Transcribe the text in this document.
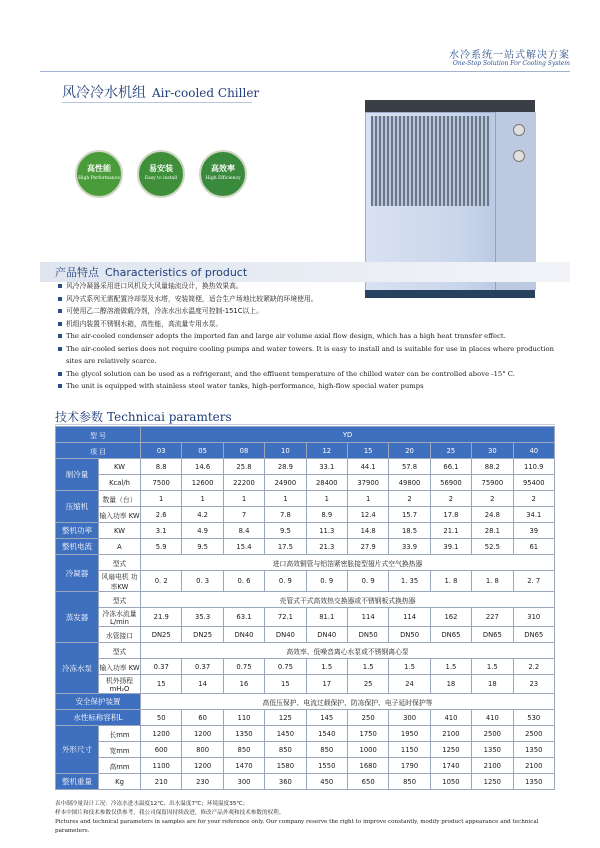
水冷系统一站式解决方案
One-Stop Solution For Cooling System
风冷冷水机组 Air-cooled Chiller
高性能
High Performance
易安装
Easy to install
高效率
High Efficiency
产品特点 Characteristics of product
风冷冷凝器采用进口风机及大风量轴流设计，换热效果高。
风冷式系列无需配置冷却泵及水塔，安装简便，适合生产场地比较紧缺的环境使用。
可使用乙二醇溶液做载冷剂，冷冻水出水温度可控制-151C以上。
机组内装置不锈钢水箱，高性能，高流量专用水泵。
The air-cooled condenser adopts the imported fan and large air volume axial flow design, which has a high heat transfer effect.
The air-cooled series does not require cooling pumps and water towers. It is easy to install and is suitable for use in places where production sites are relatively scarce.
The glycol solution can be used as a refrigerant, and the effluent temperature of the chilled water can be controlled above -15° C.
The unit is equipped with stainless steel water tanks, high-performance, high-flow special water pumps
技术参数 Technicai paramters
型 号		YD									
项 目		03	05	08	10	12	15	20	25	30	40
制冷量	KW	8.8	14.6	25.8	28.9	33.1	44.1	57.8	66.1	88.2	110.9
	Kcal/h	7500	12600	22200	24900	28400	37900	49800	56900	75900	95400
压缩机	数量（台）	1	1	1	1	1	1	2	2	2	2
	输入功率 KW	2.6	4.2	7	7.8	8.9	12.4	15.7	17.8	24.8	34.1
整机功率	KW	3.1	4.9	8.4	9.5	11.3	14.8	18.5	21.1	28.1	39
整机电流	A	5.9	9.5	15.4	17.5	21.3	27.9	33.9	39.1	52.5	61
冷凝器	型式	进口高效铜管与铝箔紧密胀接型翅片式空气换热器									
	风扇电机 功率KW	0. 2	0. 3	0. 6	0. 9	0. 9	0. 9	1. 35	1. 8	1. 8	2. 7
蒸发器	型式	壳管式干式高效热交换器或不锈钢板式换热器									
	冷冻水流量 L/min	21.9	35.3	63.1	72.1	81.1	114	114	162	227	310
	水管接口	DN25	DN25	DN40	DN40	DN40	DN50	DN50	DN65	DN65	DN65
冷冻水泵	型式	高效率、低噪音离心水泵或不锈钢离心泵									
	输入功率 KW	0.37	0.37	0.75	0.75	1.5	1.5	1.5	1.5	1.5	2.2
	机外扬程 mH₂O	15	14	16	15	17	25	24	18	18	23
安全保护装置		高低压保护、电流过载保护、防冻保护、电子延时保护等									
水性标称容积L		50	60	110	125	145	250	300	410	410	530
外形尺寸	长mm	1200	1200	1350	1450	1540	1750	1950	2100	2500	2500
	宽mm	600	800	850	850	850	1000	1150	1250	1350	1350
	高mm	1100	1200	1470	1580	1550	1680	1790	1740	2100	2100
整机重量	Kg	210	230	300	360	450	650	850	1050	1250	1350
表中制冷量设计工况：冷冻水进水温度12℃、出水温度7℃；环境温度35℃；
样本中图片和技术参数仅供参考，我公司保留因持续改进，修改产品外观和技术参数的权利。
Pictures and technical parameters in samples are for your reference only. Our company reserve the right to improve constantly, modify product appearance and technical parameters.
